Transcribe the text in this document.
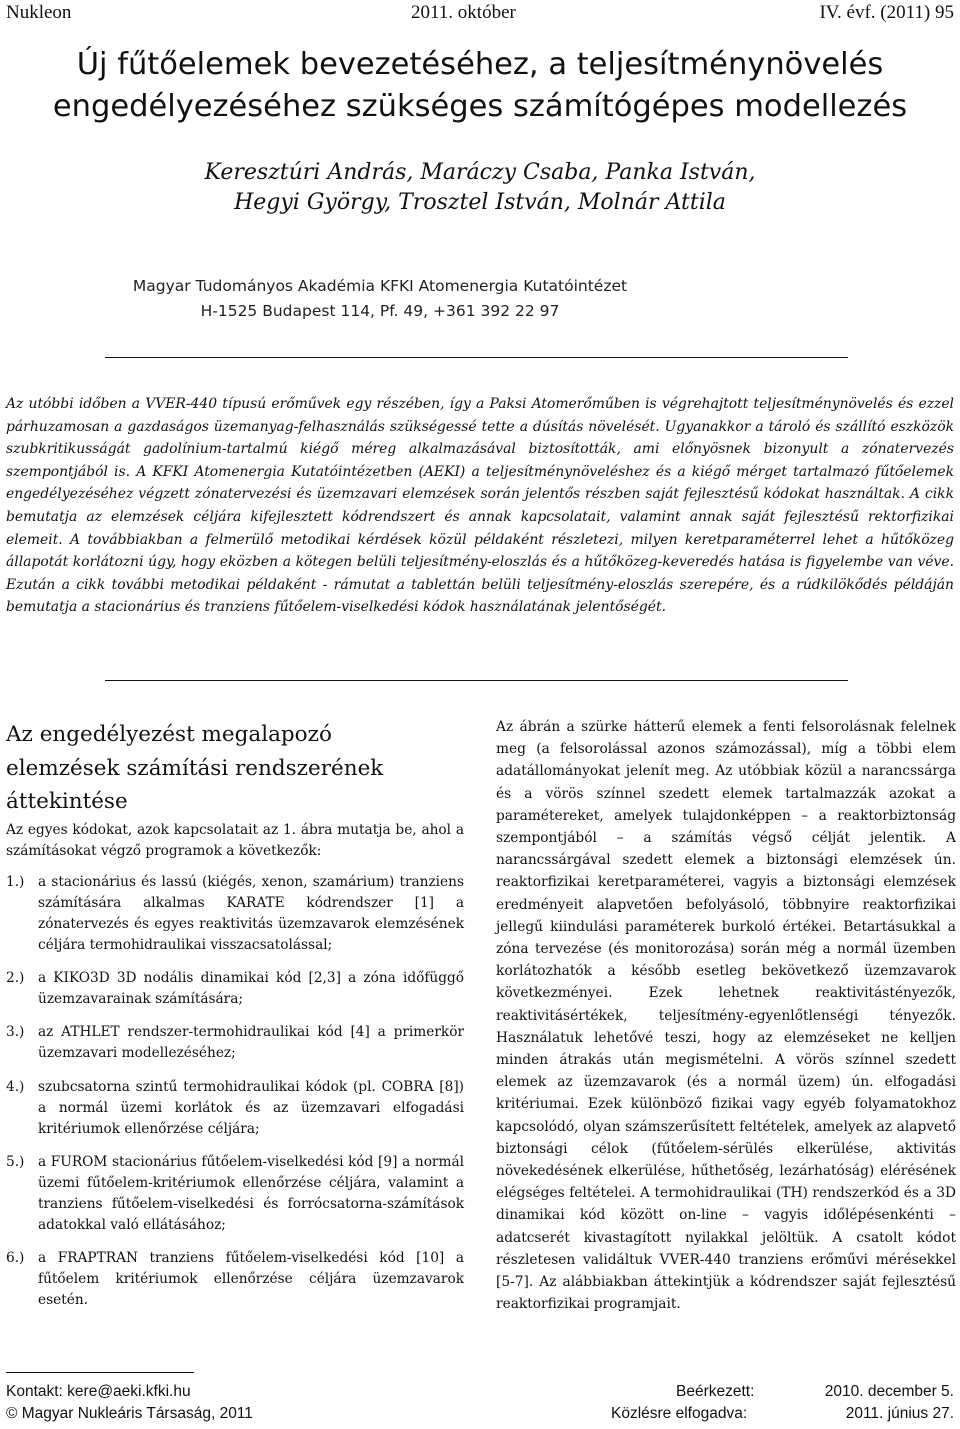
Nukleon	2011. október	IV. évf. (2011) 95
Új fűtőelemek bevezetéséhez, a teljesítménynövelés
engedélyezéséhez szükséges számítógépes modellezés
Keresztúri András, Maráczy Csaba, Panka István,
Hegyi György, Trosztel István, Molnár Attila
Magyar Tudományos Akadémia KFKI Atomenergia Kutatóintézet
H-1525 Budapest 114, Pf. 49, +361 392 22 97
Az utóbbi időben a VVER-440 típusú erőművek egy részében, így a Paksi Atomerőműben is végrehajtott teljesítménynövelés és ezzel párhuzamosan a gazdaságos üzemanyag-felhasználás szükségessé tette a dúsítás növelését. Ugyanakkor a tároló és szállító eszközök szubkritikusságát gadolínium-tartalmú kiégő méreg alkalmazásával biztosították, ami előnyösnek bizonyult a zónatervezés szempontjából is. A KFKI Atomenergia Kutatóintézetben (AEKI) a teljesítménynöveléshez és a kiégő mérget tartalmazó fűtőelemek engedélyezéséhez végzett zónatervezési és üzemzavari elemzések során jelentős részben saját fejlesztésű kódokat használtak. A cikk bemutatja az elemzések céljára kifejlesztett kódrendszert és annak kapcsolatait, valamint annak saját fejlesztésű rektorfizikai elemeit. A továbbiakban a felmerülő metodikai kérdések közül példaként részletezi, milyen keretparaméterrel lehet a hűtőközeg állapotát korlátozni úgy, hogy eközben a kötegen belüli teljesítmény-eloszlás és a hűtőközeg-keveredés hatása is figyelembe van véve. Ezután a cikk további metodikai példaként - rámutat a tablettán belüli teljesítmény-eloszlás szerepére, és a rúdkilökődés példáján bemutatja a stacionárius és tranziens fűtőelem-viselkedési kódok használatának jelentőségét.
Az engedélyezést megalapozó elemzések számítási rendszerének áttekintése
Az egyes kódokat, azok kapcsolatait az 1. ábra mutatja be, ahol a számításokat végző programok a következők:
1.) a stacionárius és lassú (kiégés, xenon, szamárium) tranziens számítására alkalmas KARATE kódrendszer [1] a zónatervezés és egyes reaktivitás üzemzavarok elemzésének céljára termohidraulikai visszacsatolással;
2.) a KIKO3D 3D nodális dinamikai kód [2,3] a zóna időfüggő üzemzavarainak számítására;
3.) az ATHLET rendszer-termohidraulikai kód [4] a primerkör üzemzavari modellezéséhez;
4.) szubcsatorna szintű termohidraulikai kódok (pl. COBRA [8]) a normál üzemi korlátok és az üzemzavari elfogadási kritériumok ellenőrzése céljára;
5.) a FUROM stacionárius fűtőelem-viselkedési kód [9] a normál üzemi fűtőelem-kritériumok ellenőrzése céljára, valamint a tranziens fűtőelem-viselkedési és forrócsatorna-számítások adatokkal való ellátásához;
6.) a FRAPTRAN tranziens fűtőelem-viselkedési kód [10] a fűtőelem kritériumok ellenőrzése céljára üzemzavarok esetén.
Az ábrán a szürke hátterű elemek a fenti felsorolásnak felelnek meg (a felsorolással azonos számozással), míg a többi elem adatállományokat jelenít meg. Az utóbbiak közül a narancssárga és a vörös színnel szedett elemek tartalmazzák azokat a paramétereket, amelyek tulajdonképpen – a reaktorbiztonság szempontjából – a számítás végső célját jelentik. A narancssárgával szedett elemek a biztonsági elemzések ún. reaktorfizikai keretparaméterei, vagyis a biztonsági elemzések eredményeit alapvetően befolyásoló, többnyire reaktorfizikai jellegű kiindulási paraméterek burkoló értékei. Betartásukkal a zóna tervezése (és monitorozása) során még a normál üzemben korlátozhatók a később esetleg bekövetkező üzemzavarok következményei. Ezek lehetnek reaktivitástényezők, reaktivitásértékek, teljesítmény-egyenlőtlenségi tényezők. Használatuk lehetővé teszi, hogy az elemzéseket ne kelljen minden átrakás után megismételni. A vörös színnel szedett elemek az üzemzavarok (és a normál üzem) ún. elfogadási kritériumai. Ezek különböző fizikai vagy egyéb folyamatokhoz kapcsolódó, olyan számszerűsített feltételek, amelyek az alapvető biztonsági célok (fűtőelem-sérülés elkerülése, aktivitás növekedésének elkerülése, hűthetőség, lezárhatóság) elérésének elégséges feltételei. A termohidraulikai (TH) rendszerkód és a 3D dinamikai kód között on-line – vagyis időlépésenkénti – adatcserét kivastagított nyilakkal jelöltük. A csatolt kódot részletesen validáltuk VVER-440 tranziens erőművi mérésekkel [5-7]. Az alábbiakban áttekintjük a kódrendszer saját fejlesztésű reaktorfizikai programjait.
Kontakt: kere@aeki.kfki.hu	Beérkezett:	2010. december 5.
© Magyar Nukleáris Társaság, 2011	Közlésre elfogadva:	2011. június 27.
